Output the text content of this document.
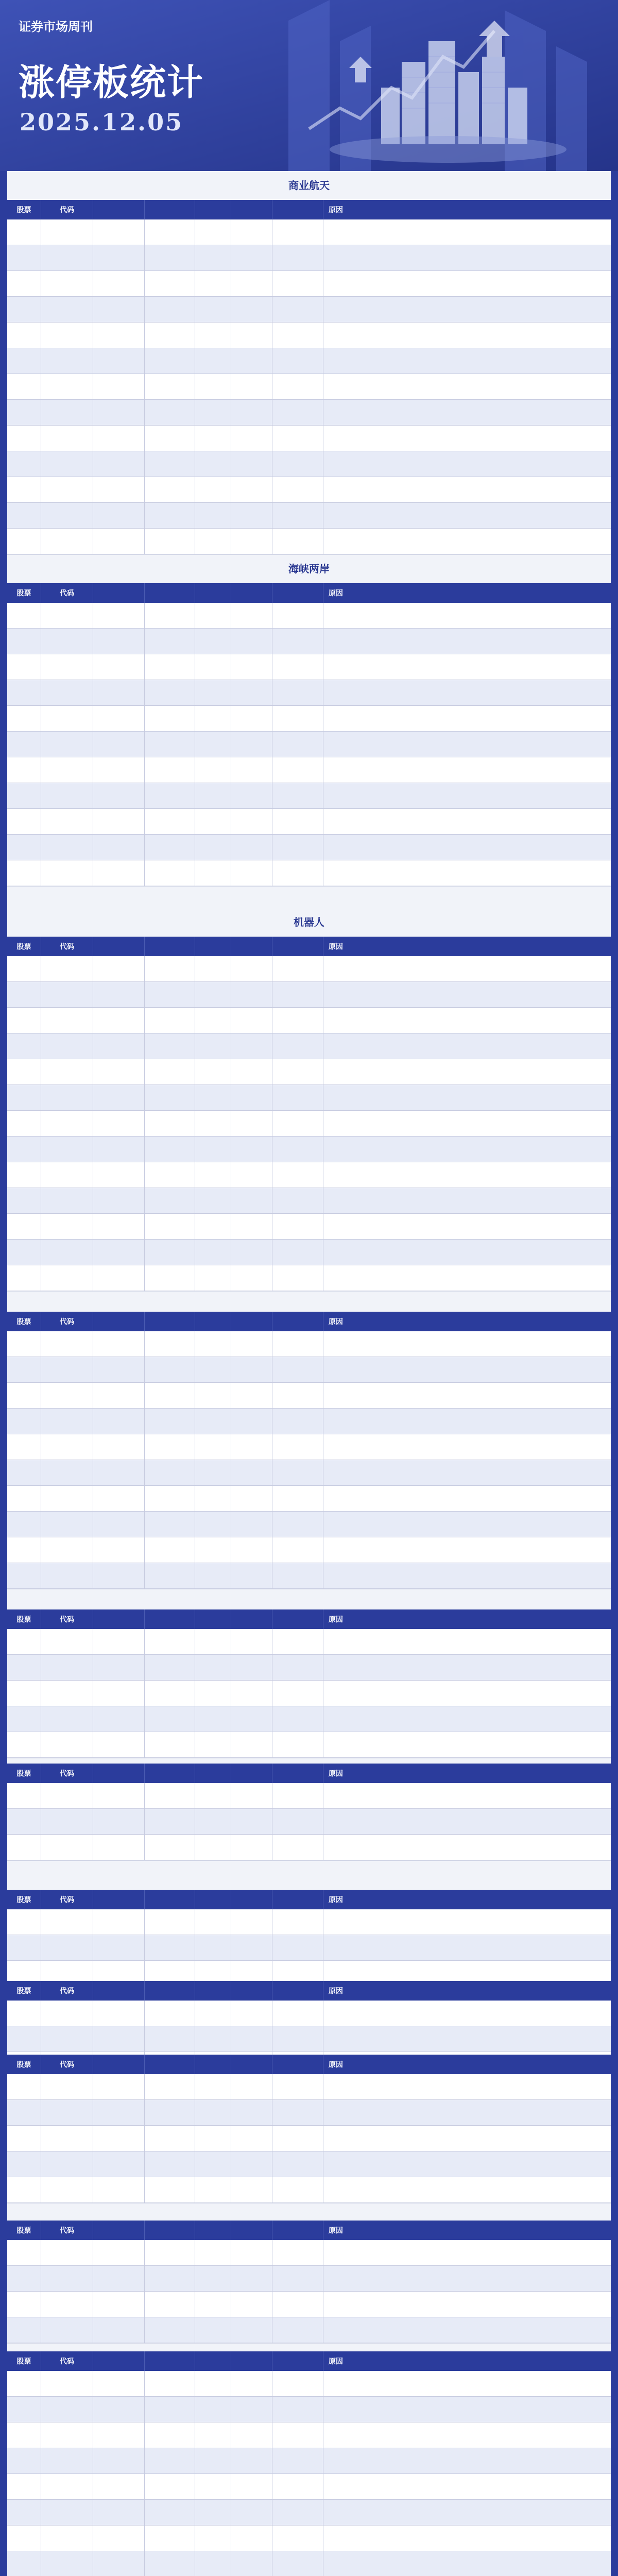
证券市场周刊
涨停板统计
2025.12.05
商业航天
股票	代码	原因
海峡两岸
股票	代码	原因
机器人
股票	代码	原因
股票	代码	原因
股票	代码	原因
股票	代码	原因
股票	代码	原因
股票	代码	原因
股票	代码	原因
股票	代码	原因
股票	代码	原因
